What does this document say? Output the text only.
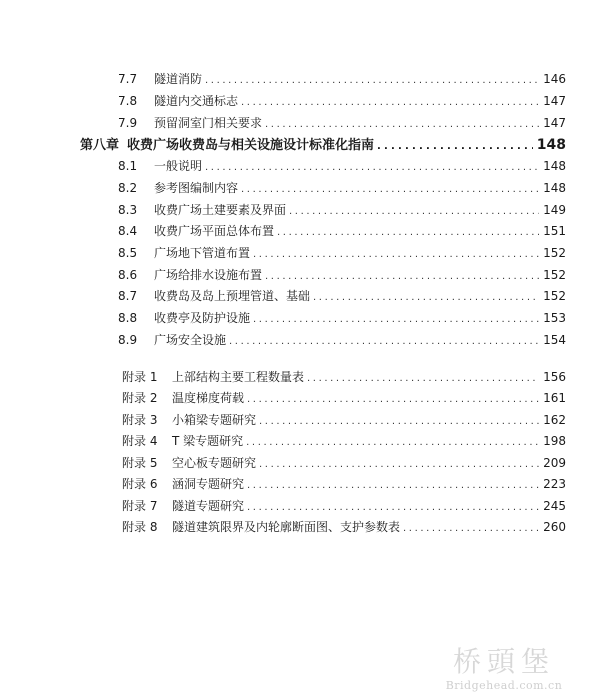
7.7	隧道消防 .....	146
7.8	隧道内交通标志 .....	147
7.9	预留洞室门相关要求 .....	147
第八章 收费广场收费岛与相关设施设计标准化指南 .....	148
8.1	一般说明 .....	148
8.2	参考图编制内容 .....	148
8.3	收费广场土建要素及界面 .....	149
8.4	收费广场平面总体布置 .....	151
8.5	广场地下管道布置 .....	152
8.6	广场给排水设施布置 .....	152
8.7	收费岛及岛上预埋管道、基础 .....	152
8.8	收费亭及防护设施 .....	153
8.9	广场安全设施 .....	154
附录 1	上部结构主要工程数量表 .....	156
附录 2	温度梯度荷载 .....	161
附录 3	小箱梁专题研究 .....	162
附录 4	T 梁专题研究 .....	198
附录 5	空心板专题研究 .....	209
附录 6	涵洞专题研究 .....	223
附录 7	隧道专题研究 .....	245
附录 8	隧道建筑限界及内轮廓断面图、支护参数表 .....	260
桥頭堡
Bridgehead.com.cn
